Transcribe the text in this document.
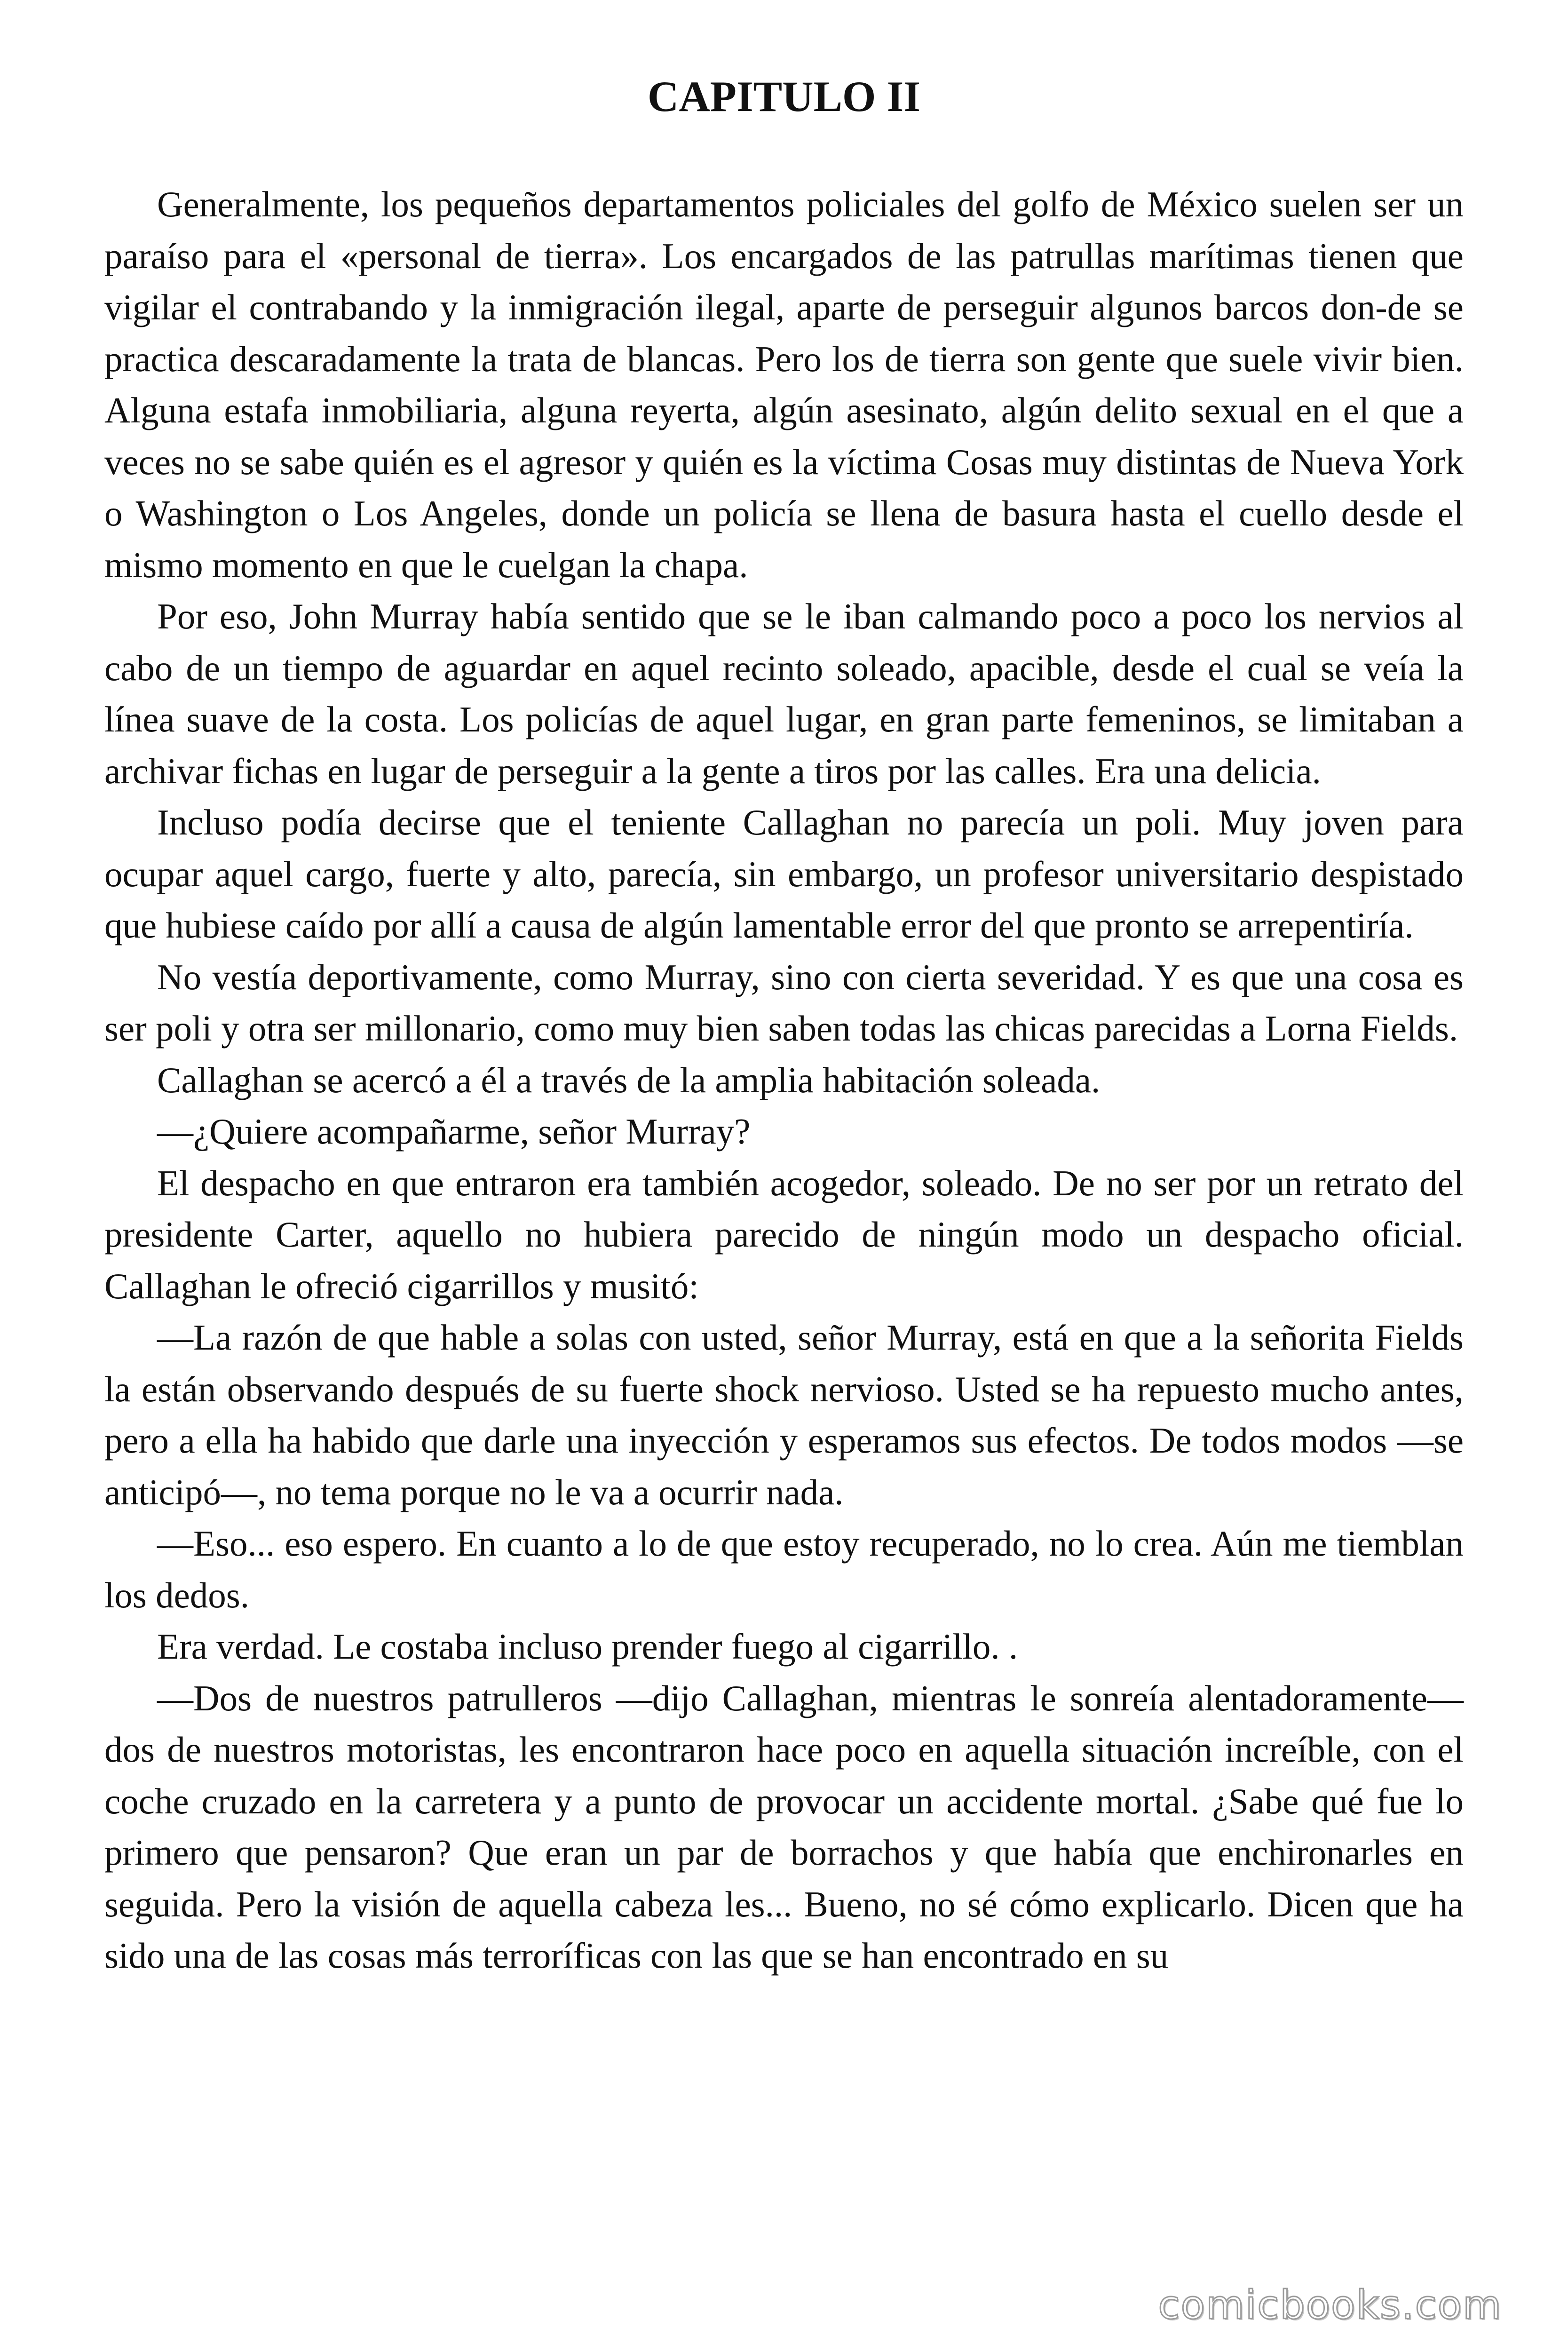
CAPITULO II

Generalmente, los pequeños departamentos policiales del golfo de México suelen ser un paraíso para el «personal de tierra». Los encargados de las patrullas marítimas tienen que vigilar el contrabando y la inmigración ilegal, aparte de perseguir algunos barcos don-de se practica descaradamente la trata de blancas. Pero los de tierra son gente que suele vivir bien. Alguna estafa inmobiliaria, alguna reyerta, algún asesinato, algún delito sexual en el que a veces no se sabe quién es el agresor y quién es la víctima Cosas muy distintas de Nueva York o Washington o Los Angeles, donde un policía se llena de basura hasta el cuello desde el mismo momento en que le cuelgan la chapa.

Por eso, John Murray había sentido que se le iban calmando poco a poco los nervios al cabo de un tiempo de aguardar en aquel recinto soleado, apacible, desde el cual se veía la línea suave de la costa. Los policías de aquel lugar, en gran parte femeninos, se limitaban a archivar fichas en lugar de perseguir a la gente a tiros por las calles. Era una delicia.

Incluso podía decirse que el teniente Callaghan no parecía un poli. Muy joven para ocupar aquel cargo, fuerte y alto, parecía, sin embargo, un profesor universitario despistado que hubiese caído por allí a causa de algún lamentable error del que pronto se arrepentiría.

No vestía deportivamente, como Murray, sino con cierta severidad. Y es que una cosa es ser poli y otra ser millonario, como muy bien saben todas las chicas parecidas a Lorna Fields.

Callaghan se acercó a él a través de la amplia habitación soleada.

—¿Quiere acompañarme, señor Murray?

El despacho en que entraron era también acogedor, soleado. De no ser por un retrato del presidente Carter, aquello no hubiera parecido de ningún modo un despacho oficial. Callaghan le ofreció cigarrillos y musitó:

—La razón de que hable a solas con usted, señor Murray, está en que a la señorita Fields la están observando después de su fuerte shock nervioso. Usted se ha repuesto mucho antes, pero a ella ha habido que darle una inyección y esperamos sus efectos. De todos modos —se anticipó—, no tema porque no le va a ocurrir nada.

—Eso... eso espero. En cuanto a lo de que estoy recuperado, no lo crea. Aún me tiemblan los dedos.

Era verdad. Le costaba incluso prender fuego al cigarrillo. .

—Dos de nuestros patrulleros —dijo Callaghan, mientras le sonreía alentadoramente— dos de nuestros motoristas, les encontraron hace poco en aquella situación increíble, con el coche cruzado en la carretera y a punto de provocar un accidente mortal. ¿Sabe qué fue lo primero que pensaron? Que eran un par de borrachos y que había que enchironarles en seguida. Pero la visión de aquella cabeza les... Bueno, no sé cómo explicarlo. Dicen que ha sido una de las cosas más terroríficas con las que se han encontrado en su

comicbooks.com
